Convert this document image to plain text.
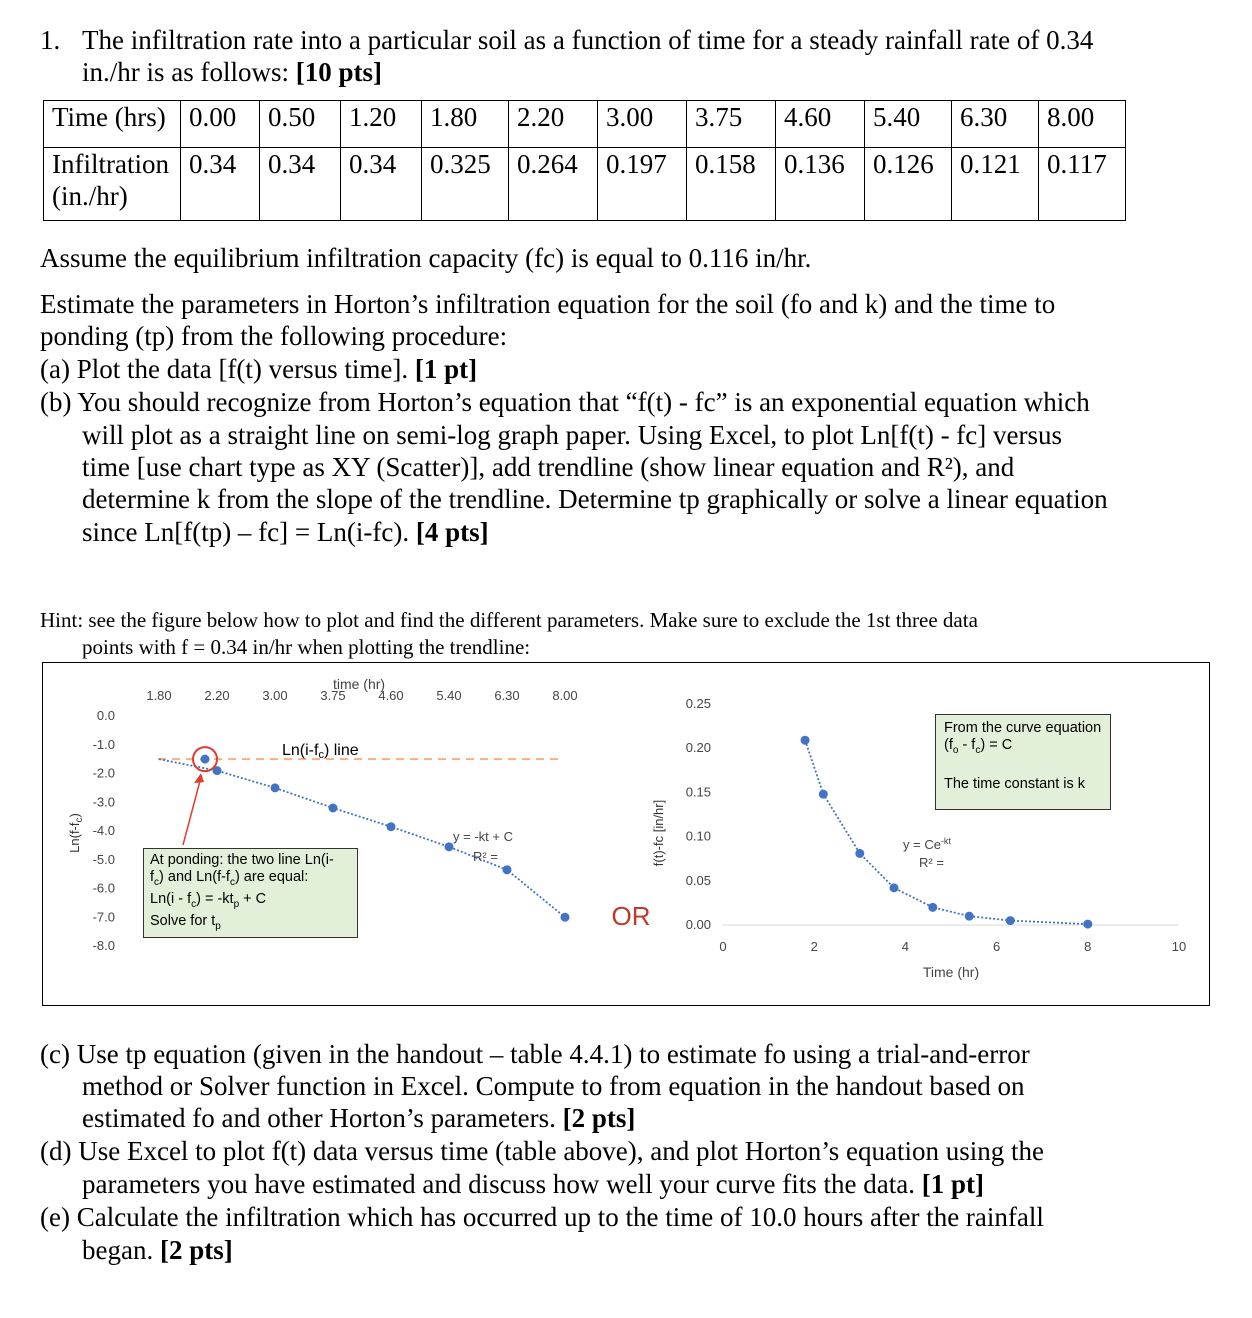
1. The infiltration rate into a particular soil as a function of time for a steady rainfall rate of 0.34
in./hr is as follows: [10 pts]
Time (hrs)	0.00	0.50	1.20	1.80	2.20	3.00	3.75	4.60	5.40	6.30	8.00
Infiltration
(in./hr)	0.34	0.34	0.34	0.325	0.264	0.197	0.158	0.136	0.126	0.121	0.117
Assume the equilibrium infiltration capacity (fc) is equal to 0.116 in/hr.
Estimate the parameters in Horton’s infiltration equation for the soil (fo and k) and the time to
ponding (tp) from the following procedure:
(a) Plot the data [f(t) versus time]. [1 pt]
(b) You should recognize from Horton’s equation that “f(t) - fc” is an exponential equation which
will plot as a straight line on semi-log graph paper. Using Excel, to plot Ln[f(t) - fc] versus
time [use chart type as XY (Scatter)], add trendline (show linear equation and R²), and
determine k from the slope of the trendline. Determine tp graphically or solve a linear equation
since Ln[f(tp) – fc] = Ln(i-fc). [4 pts]
Hint: see the figure below how to plot and find the different parameters. Make sure to exclude the 1st three data
points with f = 0.34 in/hr when plotting the trendline:
time (hr)
1.80	2.20	3.00	3.75	4.60	5.40	6.30	8.00
0.0
-1.0
-2.0
-3.0
-4.0
-5.0
-6.0
-7.0
-8.0
$Ln(f-f_c)$
Ln(i-fc) line
y = -kt + C
R² =
OR
0.25
0.20
0.15
0.10
0.05
0.00
0	2	4	6	8	10
f(t)-fc [in/hr]
Time (hr)
$y = Ce^{-kt}$
R² =
At ponding: the two line Ln(i-
$f_c$) and $Ln(f-f_c)$ are equal:
$Ln(i - f_c) = -kt_p + C$
Solve for $t_p$
From the curve equation
$(f_o - f_c) = C$
The time constant is k
(c) Use tp equation (given in the handout – table 4.4.1) to estimate fo using a trial-and-error
method or Solver function in Excel. Compute to from equation in the handout based on
estimated fo and other Horton’s parameters. [2 pts]
(d) Use Excel to plot f(t) data versus time (table above), and plot Horton’s equation using the
parameters you have estimated and discuss how well your curve fits the data. [1 pt]
(e) Calculate the infiltration which has occurred up to the time of 10.0 hours after the rainfall
began. [2 pts]
